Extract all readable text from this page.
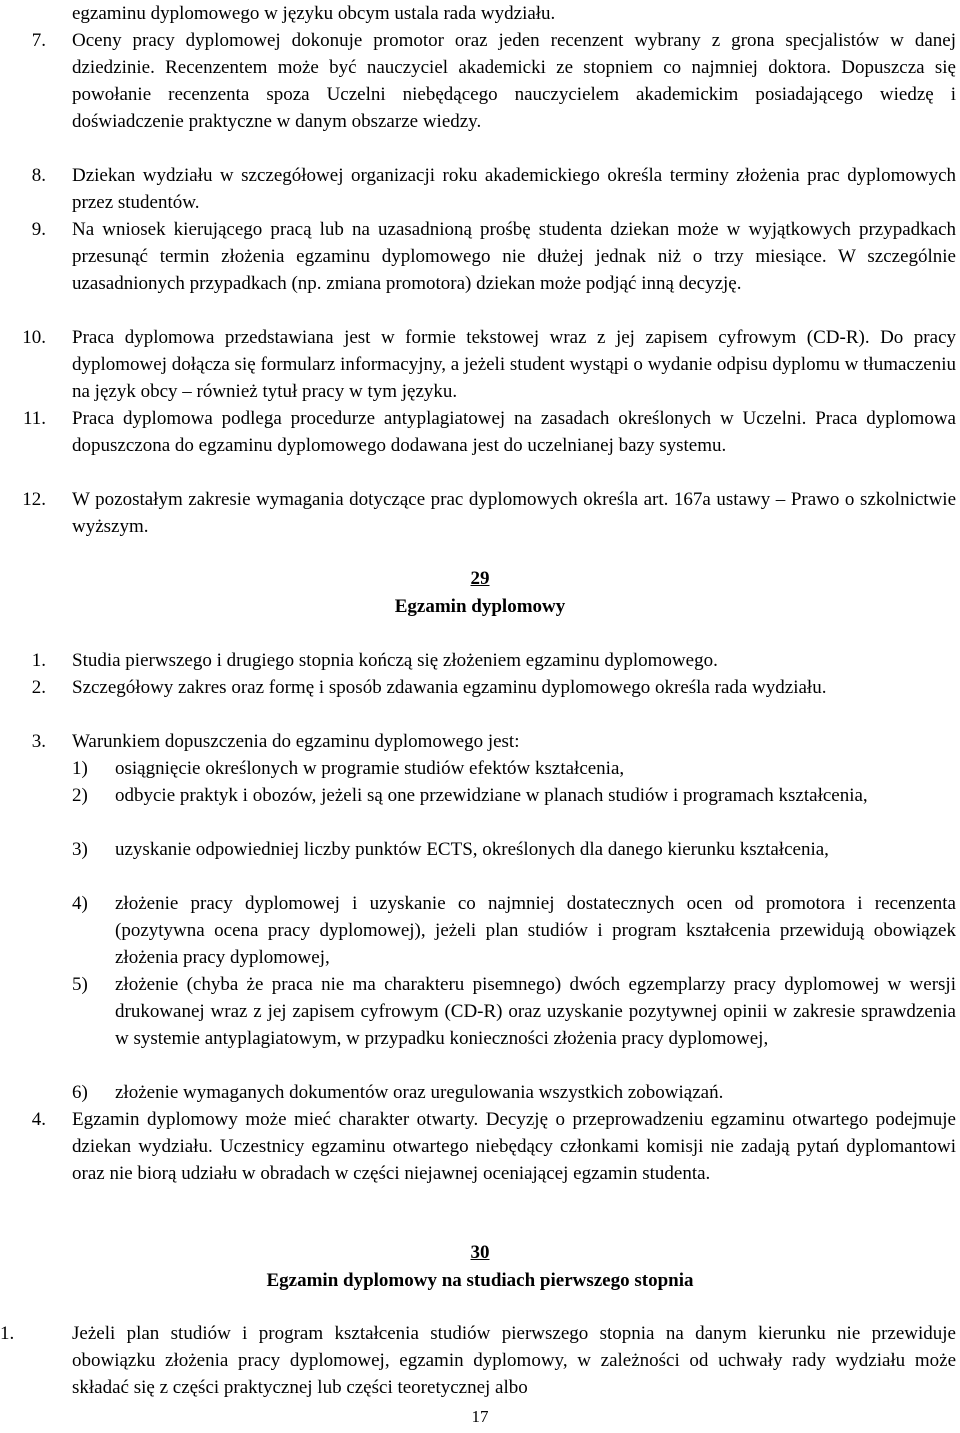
egzaminu dyplomowego w języku obcym ustala rada wydziału.

7. Oceny pracy dyplomowej dokonuje promotor oraz jeden recenzent wybrany z grona specjalistów w danej dziedzinie. Recenzentem może być nauczyciel akademicki ze stopniem co najmniej doktora. Dopuszcza się powołanie recenzenta spoza Uczelni niebędącego nauczycielem akademickim posiadającego wiedzę i doświadczenie praktyczne w danym obszarze wiedzy.

8. Dziekan wydziału w szczegółowej organizacji roku akademickiego określa terminy złożenia prac dyplomowych przez studentów.

9. Na wniosek kierującego pracą lub na uzasadnioną prośbę studenta dziekan może w wyjątkowych przypadkach przesunąć termin złożenia egzaminu dyplomowego nie dłużej jednak niż o trzy miesiące. W szczególnie uzasadnionych przypadkach (np. zmiana promotora) dziekan może podjąć inną decyzję.

10. Praca dyplomowa przedstawiana jest w formie tekstowej wraz z jej zapisem cyfrowym (CD-R). Do pracy dyplomowej dołącza się formularz informacyjny, a jeżeli student wystąpi o wydanie odpisu dyplomu w tłumaczeniu na język obcy – również tytuł pracy w tym języku.

11. Praca dyplomowa podlega procedurze antyplagiatowej na zasadach określonych w Uczelni. Praca dyplomowa dopuszczona do egzaminu dyplomowego dodawana jest do uczelnianej bazy systemu.

12. W pozostałym zakresie wymagania dotyczące prac dyplomowych określa art. 167a ustawy – Prawo o szkolnictwie wyższym.

29

Egzamin dyplomowy

1. Studia pierwszego i drugiego stopnia kończą się złożeniem egzaminu dyplomowego.

2. Szczegółowy zakres oraz formę i sposób zdawania egzaminu dyplomowego określa rada wydziału.

3. Warunkiem dopuszczenia do egzaminu dyplomowego jest:

1) osiągnięcie określonych w programie studiów efektów kształcenia,

2) odbycie praktyk i obozów, jeżeli są one przewidziane w planach studiów i programach kształcenia,

3) uzyskanie odpowiedniej liczby punktów ECTS, określonych dla danego kierunku kształcenia,

4) złożenie pracy dyplomowej i uzyskanie co najmniej dostatecznych ocen od promotora i recenzenta (pozytywna ocena pracy dyplomowej), jeżeli plan studiów i program kształcenia przewidują obowiązek złożenia pracy dyplomowej,

5) złożenie (chyba że praca nie ma charakteru pisemnego) dwóch egzemplarzy pracy dyplomowej w wersji drukowanej wraz z jej zapisem cyfrowym (CD-R) oraz uzyskanie pozytywnej opinii w zakresie sprawdzenia w systemie antyplagiatowym, w przypadku konieczności złożenia pracy dyplomowej,

6) złożenie wymaganych dokumentów oraz uregulowania wszystkich zobowiązań.

4. Egzamin dyplomowy może mieć charakter otwarty. Decyzję o przeprowadzeniu egzaminu otwartego podejmuje dziekan wydziału. Uczestnicy egzaminu otwartego niebędący członkami komisji nie zadają pytań dyplomantowi oraz nie biorą udziału w obradach w części niejawnej oceniającej egzamin studenta.

30

Egzamin dyplomowy na studiach pierwszego stopnia

1.	Jeżeli plan studiów i program kształcenia studiów pierwszego stopnia na danym kierunku nie przewiduje obowiązku złożenia pracy dyplomowej, egzamin dyplomowy, w zależności od uchwały rady wydziału może składać się z części praktycznej lub części teoretycznej albo

17
